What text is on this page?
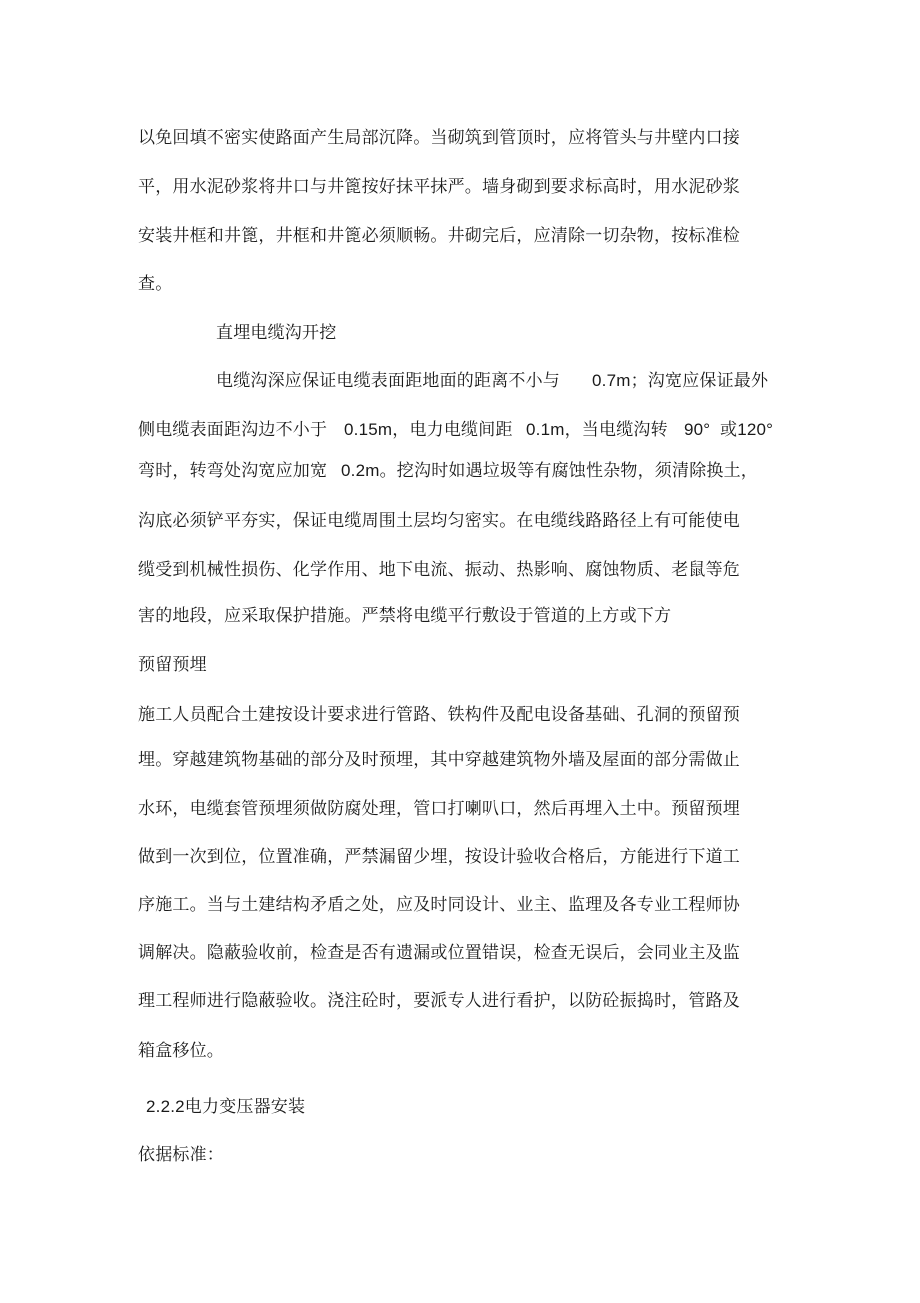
以免回填不密实使路面产生局部沉降。当砌筑到管顶时，应将管头与井壁内口接
平，用水泥砂浆将井口与井篦按好抹平抹严。墙身砌到要求标高时，用水泥砂浆
安装井框和井篦，井框和井篦必须顺畅。井砌完后，应清除一切杂物，按标准检
查。
直埋电缆沟开挖
电缆沟深应保证电缆表面距地面的距离不小与 0.7m；沟宽应保证最外
侧电缆表面距沟边不小于 0.15m，电力电缆间距 0.1m，当电缆沟转 90° 或120°
弯时，转弯处沟宽应加宽 0.2m。挖沟时如遇垃圾等有腐蚀性杂物，须清除换土，
沟底必须铲平夯实，保证电缆周围土层均匀密实。在电缆线路路径上有可能使电
缆受到机械性损伤、化学作用、地下电流、振动、热影响、腐蚀物质、老鼠等危
害的地段，应采取保护措施。严禁将电缆平行敷设于管道的上方或下方
预留预埋
施工人员配合土建按设计要求进行管路、铁构件及配电设备基础、孔洞的预留预
埋。穿越建筑物基础的部分及时预埋，其中穿越建筑物外墙及屋面的部分需做止
水环，电缆套管预埋须做防腐处理，管口打喇叭口，然后再埋入土中。预留预埋
做到一次到位，位置准确，严禁漏留少埋，按设计验收合格后，方能进行下道工
序施工。当与土建结构矛盾之处，应及时同设计、业主、监理及各专业工程师协
调解决。隐蔽验收前，检查是否有遗漏或位置错误，检查无误后，会同业主及监
理工程师进行隐蔽验收。浇注砼时，要派专人进行看护，以防砼振捣时，管路及
箱盒移位。
2.2.2电力变压器安装
依据标准：
